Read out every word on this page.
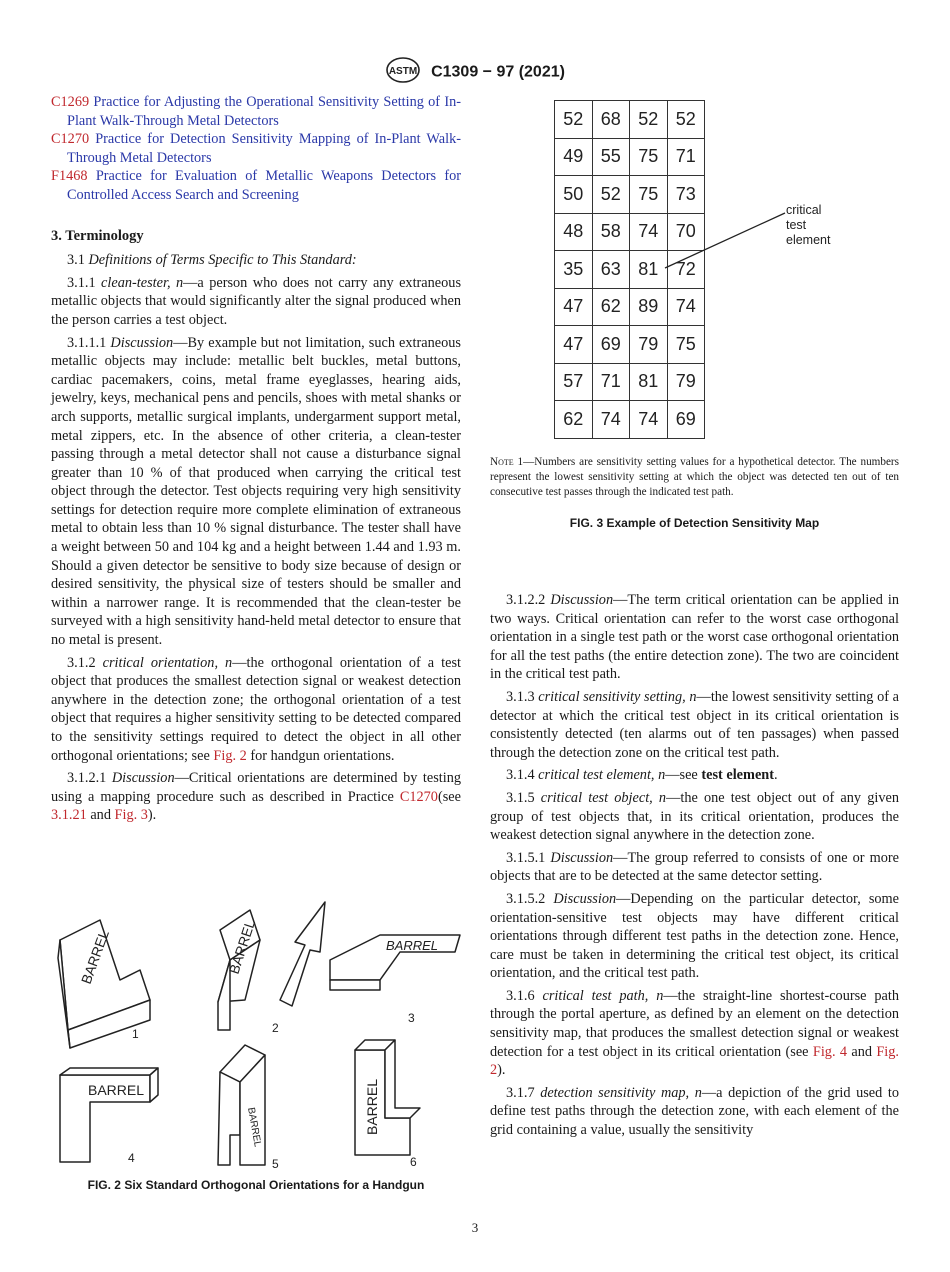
ASTM C1309 − 97 (2021)

C1269 Practice for Adjusting the Operational Sensitivity Setting of In-Plant Walk-Through Metal Detectors

C1270 Practice for Detection Sensitivity Mapping of In-Plant Walk-Through Metal Detectors

F1468 Practice for Evaluation of Metallic Weapons Detectors for Controlled Access Search and Screening

3. Terminology

3.1 Definitions of Terms Specific to This Standard:

3.1.1 clean-tester, n—a person who does not carry any extraneous metallic objects that would significantly alter the signal produced when the person carries a test object.

3.1.1.1 Discussion—By example but not limitation, such extraneous metallic objects may include: metallic belt buckles, metal buttons, cardiac pacemakers, coins, metal frame eyeglasses, hearing aids, jewelry, keys, mechanical pens and pencils, shoes with metal shanks or arch supports, metallic surgical implants, undergarment support metal, metal zippers, etc. In the absence of other criteria, a clean-tester passing through a metal detector shall not cause a disturbance signal greater than 10 % of that produced when carrying the critical test object through the detector. Test objects requiring very high sensitivity settings for detection require more complete elimination of extraneous metal to obtain less than 10 % signal disturbance. The tester shall have a weight between 50 and 104 kg and a height between 1.44 and 1.93 m. Should a given detector be sensitive to body size because of design or desired sensitivity, the physical size of testers should be smaller and within a narrower range. It is recommended that the clean-tester be surveyed with a high sensitivity hand-held metal detector to ensure that no metal is present.

3.1.2 critical orientation, n—the orthogonal orientation of a test object that produces the smallest detection signal or weakest detection anywhere in the detection zone; the orthogonal orientation of a test object that requires a higher sensitivity setting to be detected compared to the sensitivity settings required to detect the object in all other orthogonal orientations; see Fig. 2 for handgun orientations.

3.1.2.1 Discussion—Critical orientations are determined by testing using a mapping procedure such as described in Practice C1270(see 3.1.21 and Fig. 3).

52	68	52	52
49	55	75	71
50	52	75	73
48	58	74	70
35	63	81	72
47	62	89	74
47	69	79	75
57	71	81	79
62	74	74	69
critical
test
element
Note 1—Numbers are sensitivity setting values for a hypothetical detector. The numbers represent the lowest sensitivity setting at which the object was detected ten out of ten consecutive test passes through the indicated test path.
FIG. 3 Example of Detection Sensitivity Map

3.1.2.2 Discussion—The term critical orientation can be applied in two ways. Critical orientation can refer to the worst case orthogonal orientation in a single test path or the worst case orthogonal orientation for all the test paths (the entire detection zone). The two are coincident in the critical test path.

3.1.3 critical sensitivity setting, n—the lowest sensitivity setting of a detector at which the critical test object in its critical orientation is consistently detected (ten alarms out of ten passages) when passed through the detection zone on the critical test path.

3.1.4 critical test element, n—see test element.

3.1.5 critical test object, n—the one test object out of any given group of test objects that, in its critical orientation, produces the weakest detection signal anywhere in the detection zone.

3.1.5.1 Discussion—The group referred to consists of one or more objects that are to be detected at the same detector setting.

3.1.5.2 Discussion—Depending on the particular detector, some orientation-sensitive test objects may have different critical orientations through different test paths in the detection zone. Hence, care must be taken in determining the critical test object, its critical orientation, and the critical test path.

3.1.6 critical test path, n—the straight-line shortest-course path through the portal aperture, as defined by an element on the detection sensitivity map, that produces the smallest detection signal or weakest detection for a test object in its critical orientation (see Fig. 4 and Fig. 2).

3.1.7 detection sensitivity map, n—a depiction of the grid used to define test paths through the detection zone, with each element of the grid containing a value, usually the sensitivity

BARREL
1
BARREL
2
BARREL
3
BARREL
4
BARREL
5
BARREL
6
FIG. 2 Six Standard Orthogonal Orientations for a Handgun
3
